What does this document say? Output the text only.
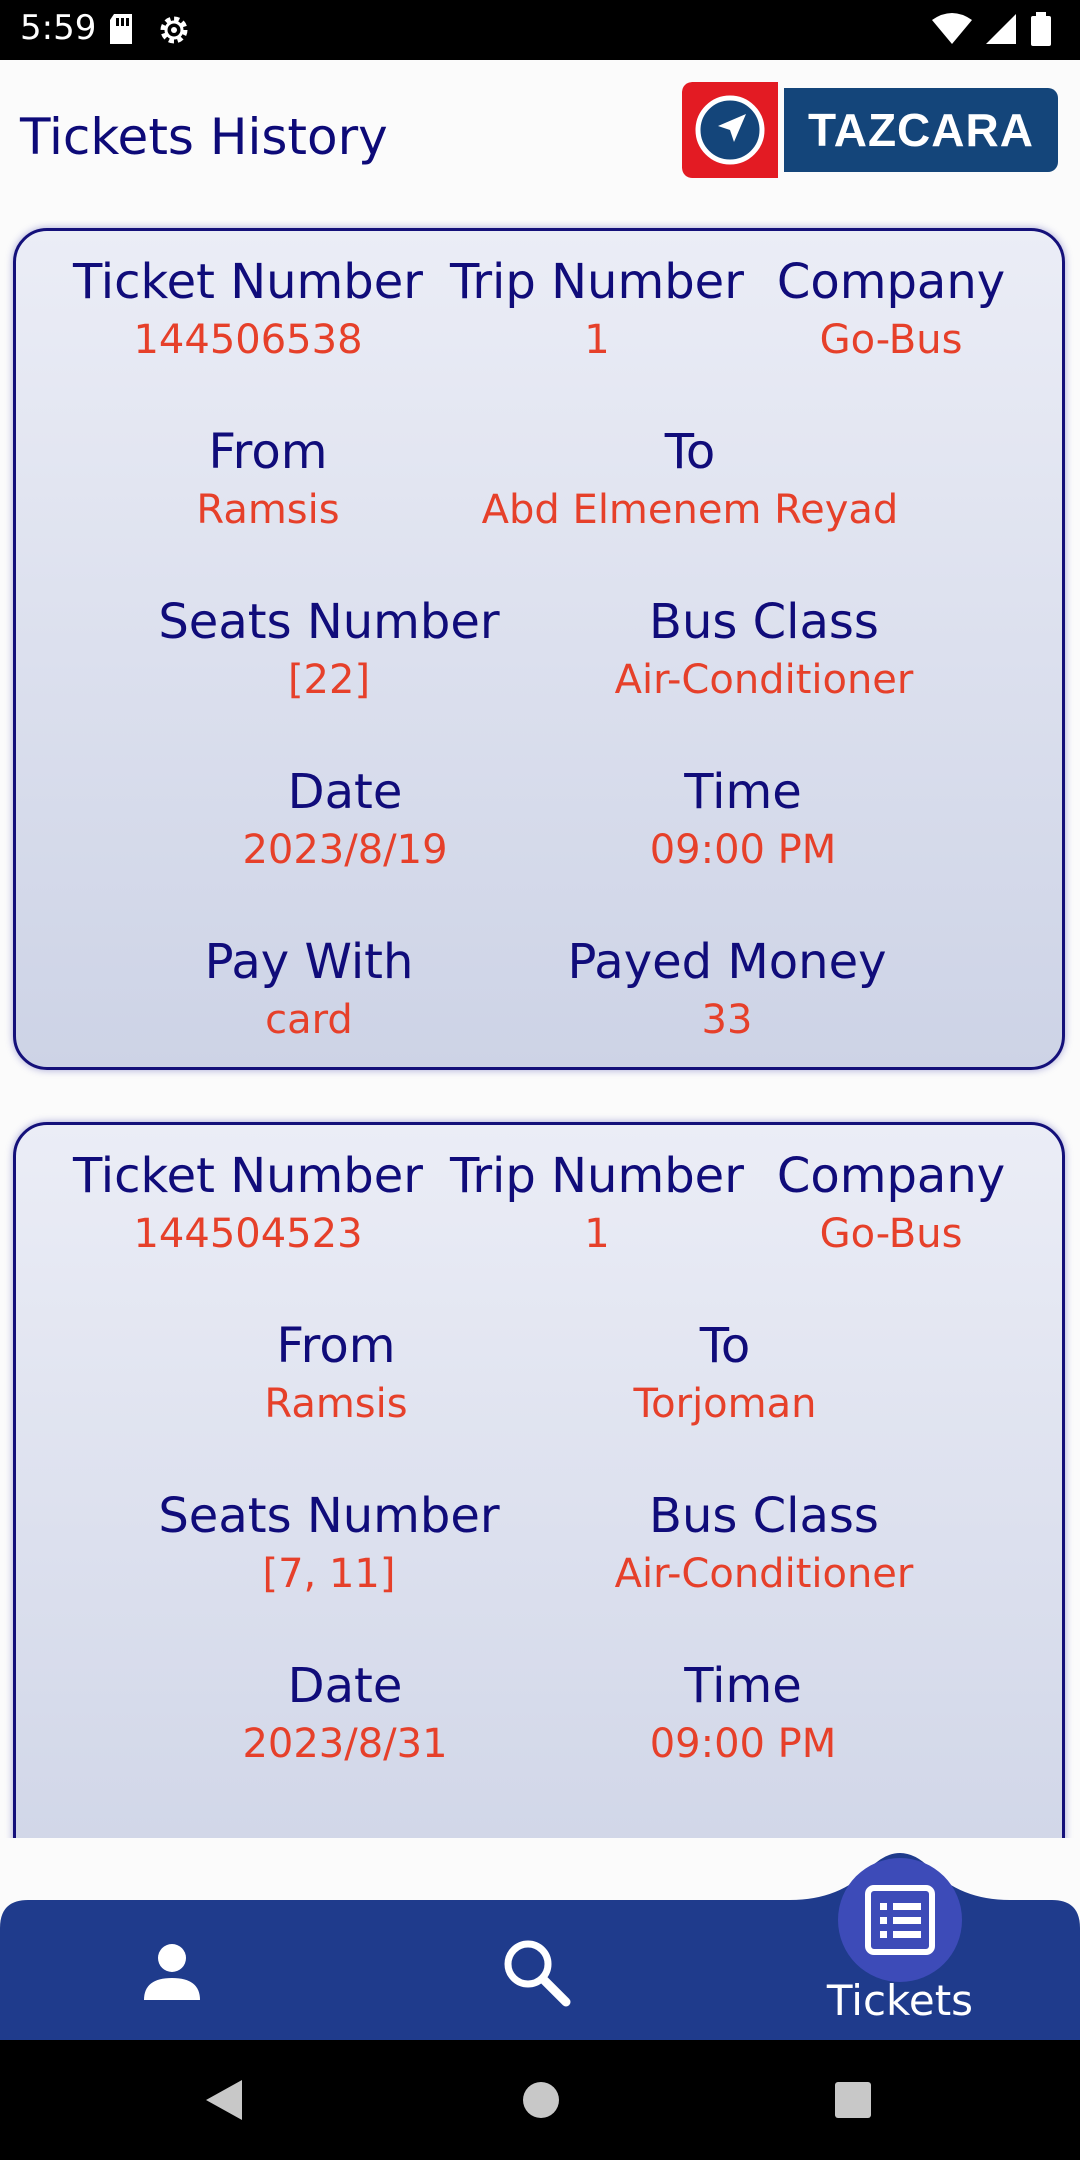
5:59
Tickets History	TAZCARA
Ticket Number
144506538
Trip Number
1
Company
Go-Bus
From
Ramsis
To
Abd Elmenem Reyad
Seats Number
[22]
Bus Class
Air-Conditioner
Date
2023/8/19
Time
09:00 PM
Pay With
card
Payed Money
33
Ticket Number
144504523
Trip Number
1
Company
Go-Bus
From
Ramsis
To
Torjoman
Seats Number
[7, 11]
Bus Class
Air-Conditioner
Date
2023/8/31
Time
09:00 PM
Tickets
